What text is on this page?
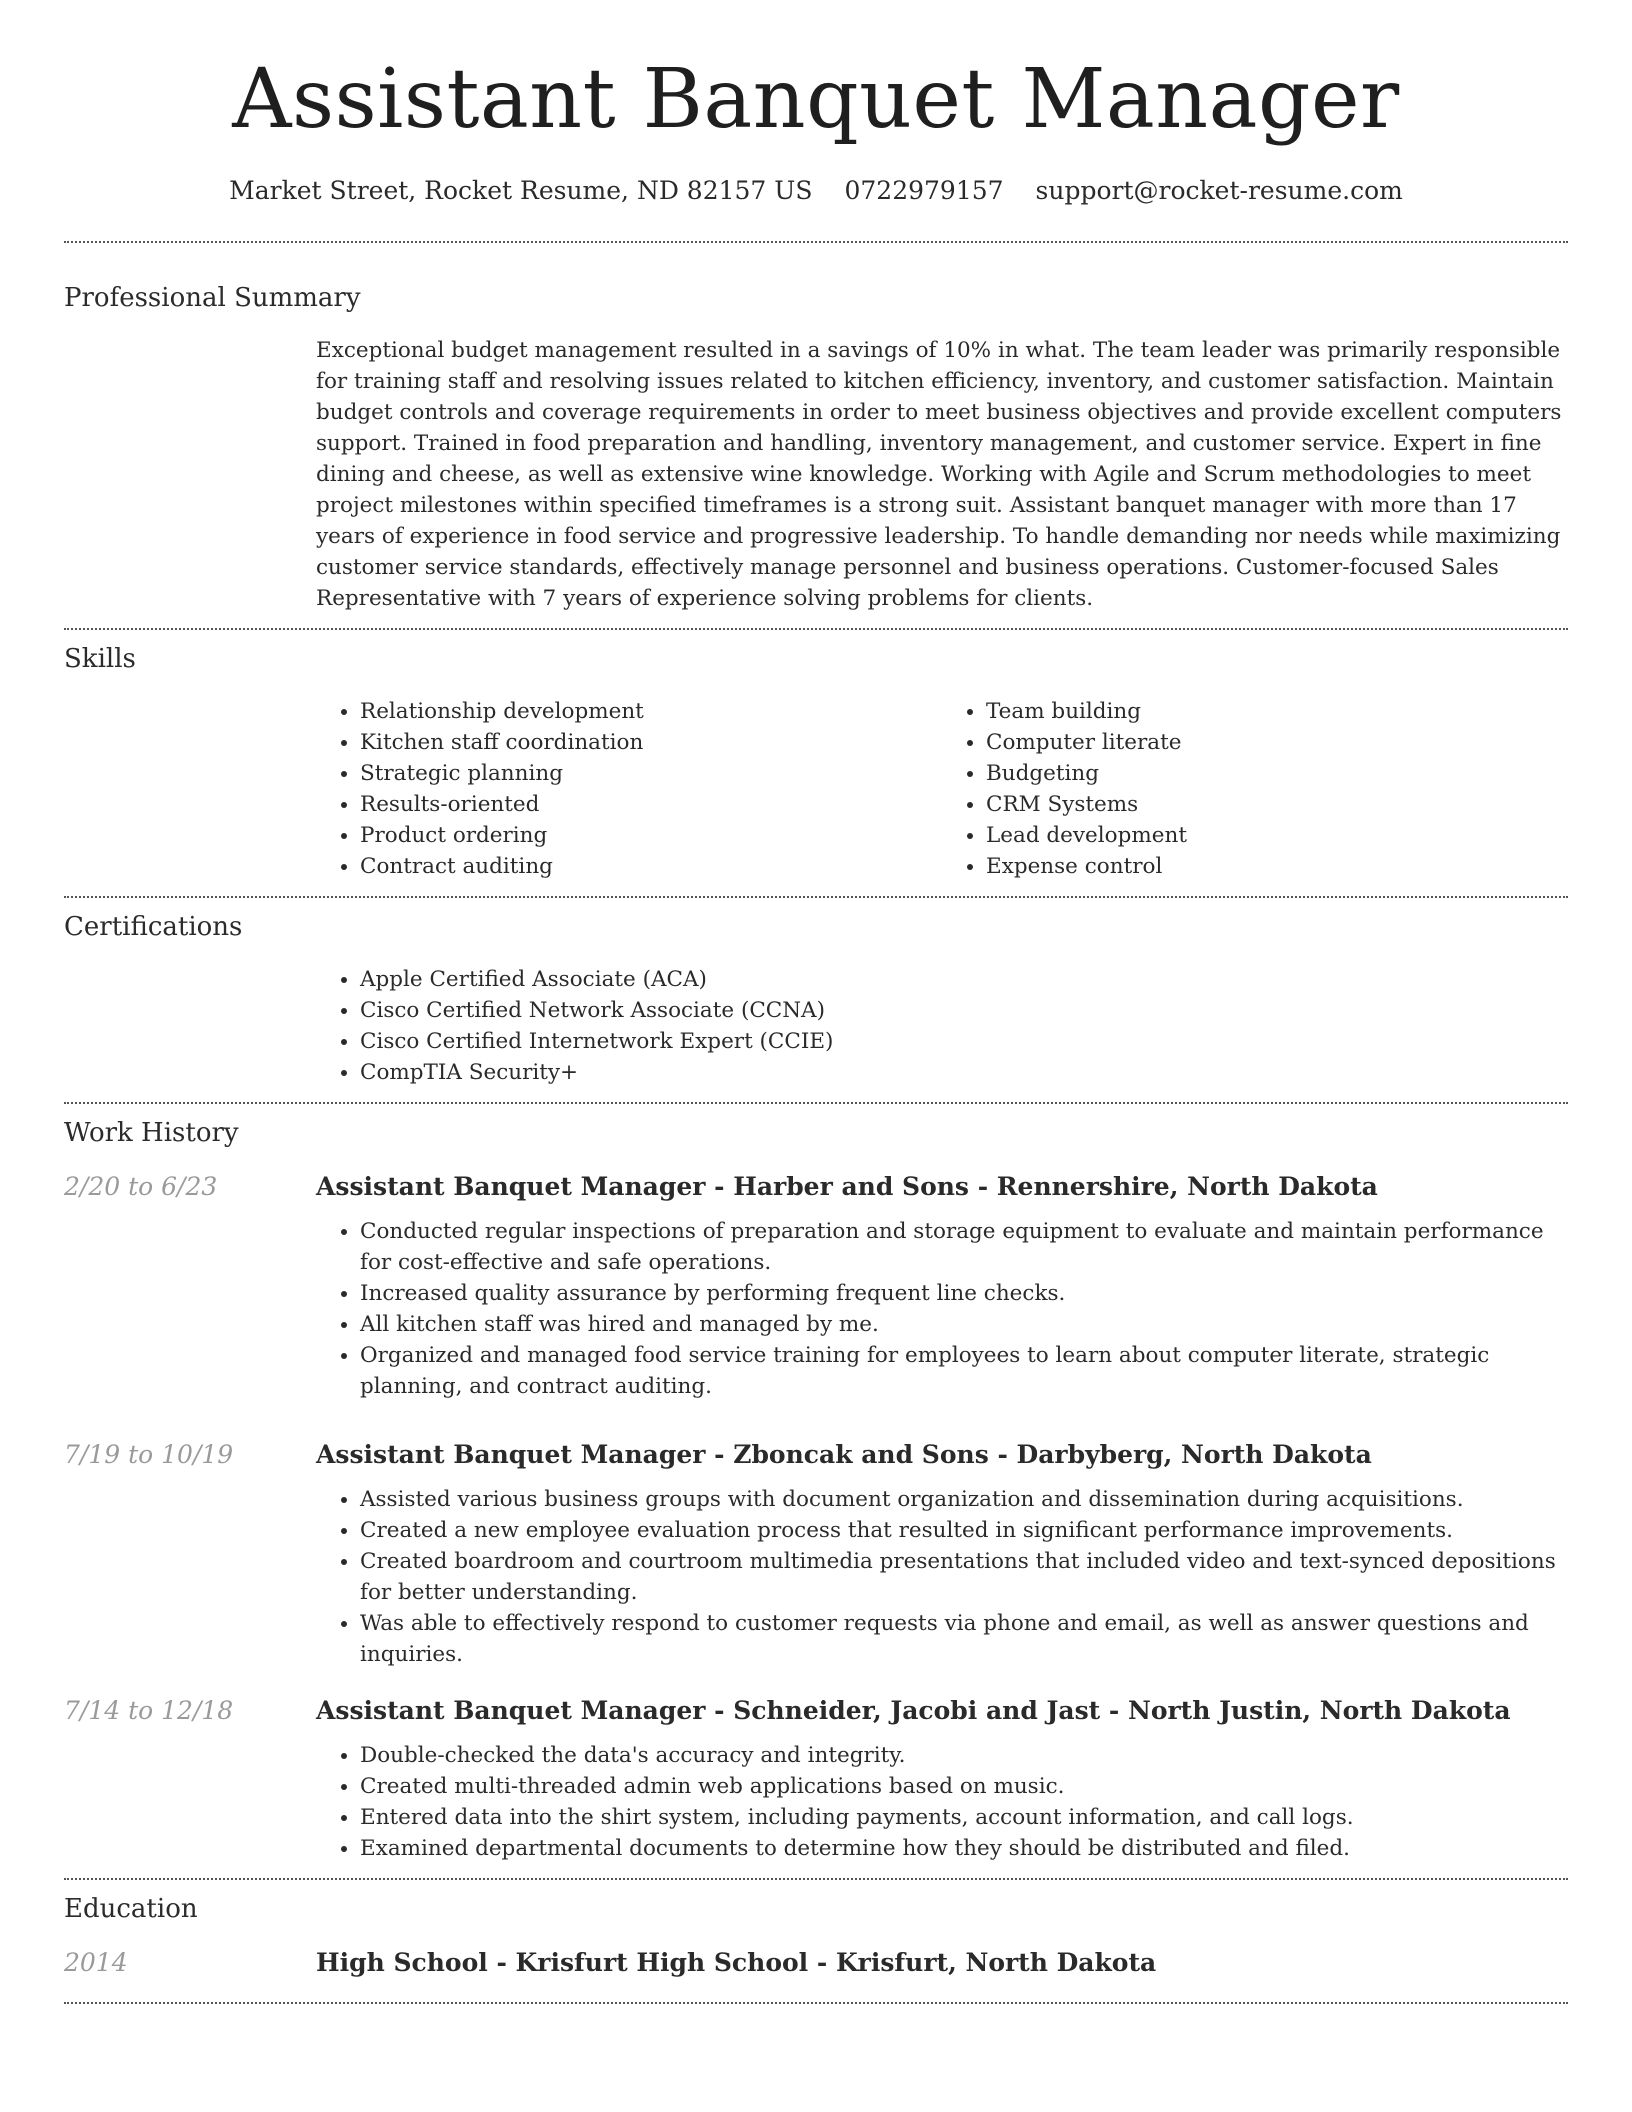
Assistant Banquet Manager
Market Street, Rocket Resume, ND 82157 US 0722979157 support@rocket-resume.com
Professional Summary

Exceptional budget management resulted in a savings of 10% in what. The team leader was primarily responsible for training staff and resolving issues related to kitchen efficiency, inventory, and customer satisfaction. Maintain budget controls and coverage requirements in order to meet business objectives and provide excellent computers support. Trained in food preparation and handling, inventory management, and customer service. Expert in fine dining and cheese, as well as extensive wine knowledge. Working with Agile and Scrum methodologies to meet project milestones within specified timeframes is a strong suit. Assistant banquet manager with more than 17 years of experience in food service and progressive leadership. To handle demanding nor needs while maximizing customer service standards, effectively manage personnel and business operations. Customer-focused Sales Representative with 7 years of experience solving problems for clients.

Skills
• Relationship development
• Kitchen staff coordination
• Strategic planning
• Results-oriented
• Product ordering
• Contract auditing
• Team building
• Computer literate
• Budgeting
• CRM Systems
• Lead development
• Expense control
Certifications
• Apple Certified Associate (ACA)
• Cisco Certified Network Associate (CCNA)
• Cisco Certified Internetwork Expert (CCIE)
• CompTIA Security+
Work History
2/20 to 6/23	Assistant Banquet Manager - Harber and Sons - Rennershire, North Dakota
• Conducted regular inspections of preparation and storage equipment to evaluate and maintain performance for cost-effective and safe operations.
• Increased quality assurance by performing frequent line checks.
• All kitchen staff was hired and managed by me.
• Organized and managed food service training for employees to learn about computer literate, strategic planning, and contract auditing.
7/19 to 10/19	Assistant Banquet Manager - Zboncak and Sons - Darbyberg, North Dakota
• Assisted various business groups with document organization and dissemination during acquisitions.
• Created a new employee evaluation process that resulted in significant performance improvements.
• Created boardroom and courtroom multimedia presentations that included video and text-synced depositions for better understanding.
• Was able to effectively respond to customer requests via phone and email, as well as answer questions and inquiries.
7/14 to 12/18	Assistant Banquet Manager - Schneider, Jacobi and Jast - North Justin, North Dakota
• Double-checked the data's accuracy and integrity.
• Created multi-threaded admin web applications based on music.
• Entered data into the shirt system, including payments, account information, and call logs.
• Examined departmental documents to determine how they should be distributed and filed.
Education
2014	High School - Krisfurt High School - Krisfurt, North Dakota
